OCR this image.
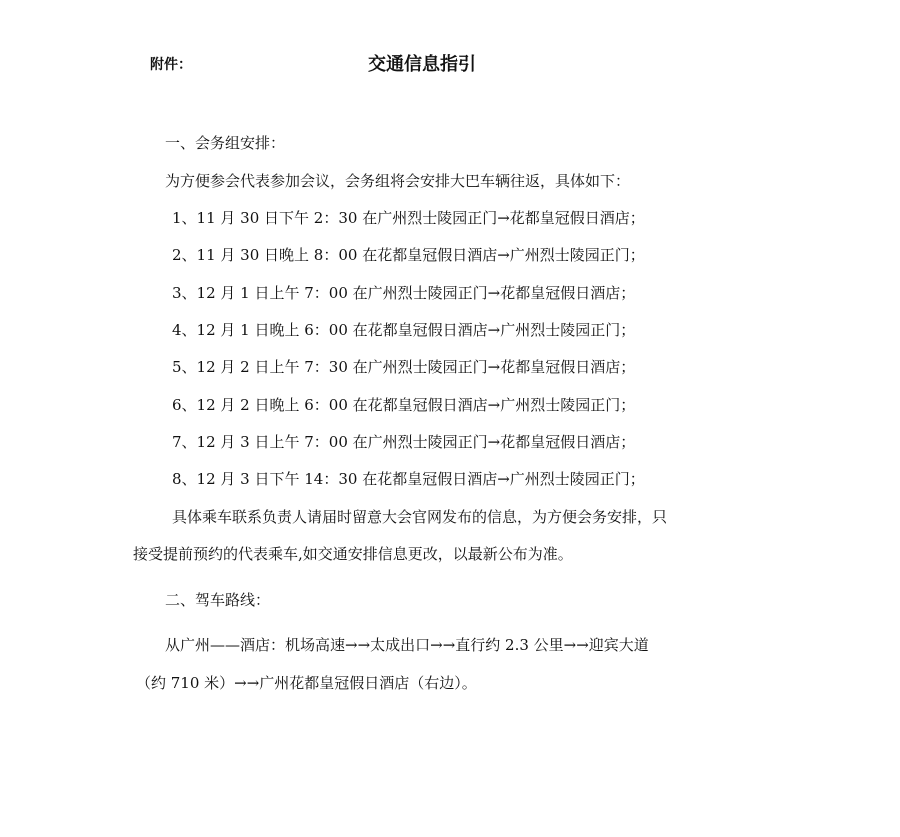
附件：	交通信息指引
一、会务组安排：
为方便参会代表参加会议，会务组将会安排大巴车辆往返，具体如下：
1、11 月 30 日下午 2：30 在广州烈士陵园正门→花都皇冠假日酒店；
2、11 月 30 日晚上 8：00 在花都皇冠假日酒店→广州烈士陵园正门；
3、12 月 1 日上午 7：00 在广州烈士陵园正门→花都皇冠假日酒店；
4、12 月 1 日晚上 6：00 在花都皇冠假日酒店→广州烈士陵园正门；
5、12 月 2 日上午 7：30 在广州烈士陵园正门→花都皇冠假日酒店；
6、12 月 2 日晚上 6：00 在花都皇冠假日酒店→广州烈士陵园正门；
7、12 月 3 日上午 7：00 在广州烈士陵园正门→花都皇冠假日酒店；
8、12 月 3 日下午 14：30 在花都皇冠假日酒店→广州烈士陵园正门；
具体乘车联系负责人请届时留意大会官网发布的信息，为方便会务安排，只
接受提前预约的代表乘车,如交通安排信息更改，以最新公布为准。
二、驾车路线：
从广州——酒店：机场高速→→太成出口→→直行约 2.3 公里→→迎宾大道
（约 710 米）→→广州花都皇冠假日酒店（右边）。
